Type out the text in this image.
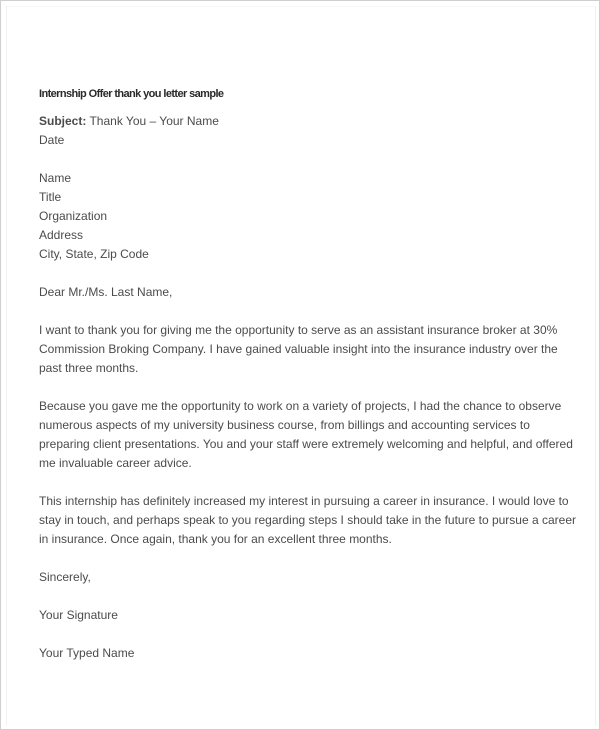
Internship Offer thank you letter sample

Subject: Thank You – Your Name

Date
Name
Title
Organization
Address
City, State, Zip Code

Dear Mr./Ms. Last Name,

I want to thank you for giving me the opportunity to serve as an assistant insurance broker at 30% Commission Broking Company. I have gained valuable insight into the insurance industry over the past three months.

Because you gave me the opportunity to work on a variety of projects, I had the chance to observe numerous aspects of my university business course, from billings and accounting services to preparing client presentations. You and your staff were extremely welcoming and helpful, and offered me invaluable career advice.

This internship has definitely increased my interest in pursuing a career in insurance. I would love to stay in touch, and perhaps speak to you regarding steps I should take in the future to pursue a career in insurance. Once again, thank you for an excellent three months.

Sincerely,

Your Signature

Your Typed Name
